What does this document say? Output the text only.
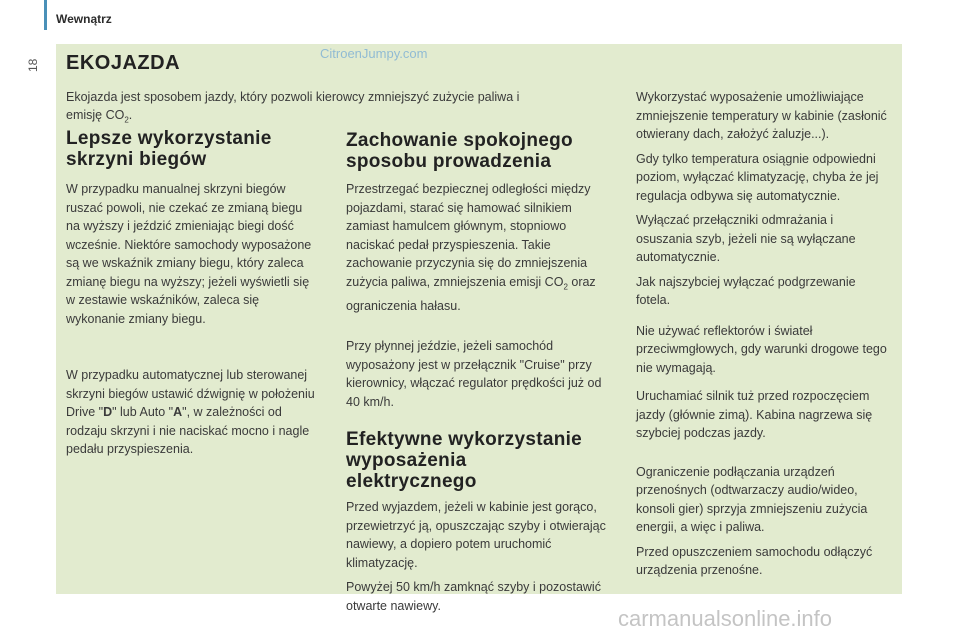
Wewnątrz
18 EKOJAZDA
Ekojazda jest sposobem jazdy, który pozwoli kierowcy zmniejszyć zużycie paliwa i
emisję $CO_2$.
Lepsze wykorzystanie
skrzyni biegów

W przypadku manualnej skrzyni biegów ruszać powoli, nie czekać ze zmianą biegu na wyższy i jeździć zmieniając biegi dość wcześnie. Niektóre samochody wyposażone są we wskaźnik zmiany biegu, który zaleca zmianę biegu na wyższy; jeżeli wyświetli się w zestawie wskaźników, zaleca się wykonanie zmiany biegu.

W przypadku automatycznej lub sterowanej skrzyni biegów ustawić dźwignię w położeniu Drive "D" lub Auto "A", w zależności od rodzaju skrzyni i nie naciskać mocno i nagle pedału przyspieszenia.

Zachowanie spokojnego
sposobu prowadzenia

Przestrzegać bezpiecznej odległości między pojazdami, starać się hamować silnikiem zamiast hamulcem głównym, stopniowo naciskać pedał przyspieszenia. Takie zachowanie przyczynia się do zmniejszenia zużycia paliwa, zmniejszenia emisji $CO_2$ oraz ograniczenia hałasu.

Przy płynnej jeździe, jeżeli samochód wyposażony jest w przełącznik "Cruise" przy kierownicy, włączać regulator prędkości już od 40 km/h.

Efektywne wykorzystanie
wyposażenia
elektrycznego

Przed wyjazdem, jeżeli w kabinie jest gorąco, przewietrzyć ją, opuszczając szyby i otwierając nawiewy, a dopiero potem uruchomić klimatyzację.

Powyżej 50 km/h zamknąć szyby i pozostawić otwarte nawiewy.

Wykorzystać wyposażenie umożliwiające zmniejszenie temperatury w kabinie (zasłonić otwierany dach, założyć żaluzje...).

Gdy tylko temperatura osiągnie odpowiedni poziom, wyłączać klimatyzację, chyba że jej regulacja odbywa się automatycznie.

Wyłączać przełączniki odmrażania i osuszania szyb, jeżeli nie są wyłączane automatycznie.

Jak najszybciej wyłączać podgrzewanie fotela.

Nie używać reflektorów i świateł przeciwmgłowych, gdy warunki drogowe tego nie wymagają.

Uruchamiać silnik tuż przed rozpoczęciem jazdy (głównie zimą). Kabina nagrzewa się szybciej podczas jazdy.

Ograniczenie podłączania urządzeń przenośnych (odtwarzaczy audio/wideo, konsoli gier) sprzyja zmniejszeniu zużycia energii, a więc i paliwa.

Przed opuszczeniem samochodu odłączyć urządzenia przenośne.

CitroenJumpy.com
carmanualsonline.info
